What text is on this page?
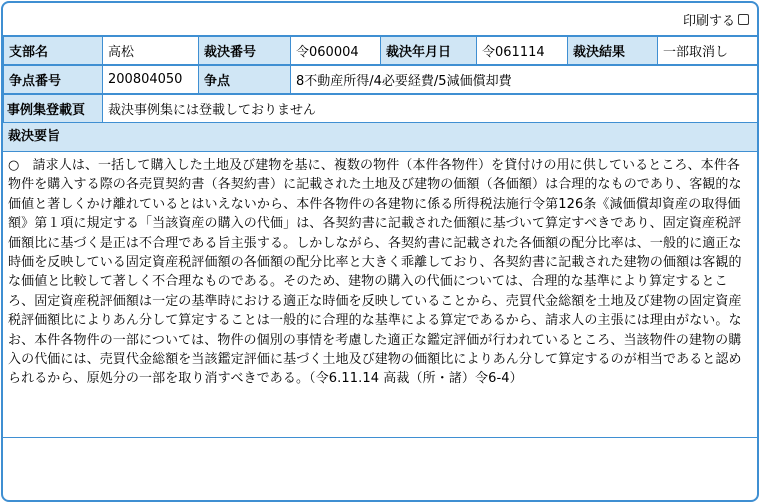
印刷する
支部名	高松	裁決番号	令060004	裁決年月日	令061114	裁決結果	一部取消し
争点番号	200804050	争点	8不動産所得/4必要経費/5減価償却費
事例集登載頁	裁決事例集には登載しておりません
裁決要旨
○　請求人は、一括して購入した土地及び建物を基に、複数の物件（本件各物件）を貸付けの用に供しているところ、本件各物件を購入する際の各売買契約書（各契約書）に記載された土地及び建物の価額（各価額）は合理的なものであり、客観的な価値と著しくかけ離れているとはいえないから、本件各物件の各建物に係る所得税法施行令第126条《減価償却資産の取得価額》第１項に規定する「当該資産の購入の代価」は、各契約書に記載された価額に基づいて算定すべきであり、固定資産税評価額比に基づく是正は不合理である旨主張する。しかしながら、各契約書に記載された各価額の配分比率は、一般的に適正な時価を反映している固定資産税評価額の各価額の配分比率と大きく乖離しており、各契約書に記載された建物の価額は客観的な価値と比較して著しく不合理なものである。そのため、建物の購入の代価については、合理的な基準により算定するところ、固定資産税評価額は一定の基準時における適正な時価を反映していることから、売買代金総額を土地及び建物の固定資産税評価額比によりあん分して算定することは一般的に合理的な基準による算定であるから、請求人の主張には理由がない。なお、本件各物件の一部については、物件の個別の事情を考慮した適正な鑑定評価が行われているところ、当該物件の建物の購入の代価には、売買代金総額を当該鑑定評価に基づく土地及び建物の価額比によりあん分して算定するのが相当であると認められるから、原処分の一部を取り消すべきである。（令6.11.14 高裁（所・諸）令6-4）
